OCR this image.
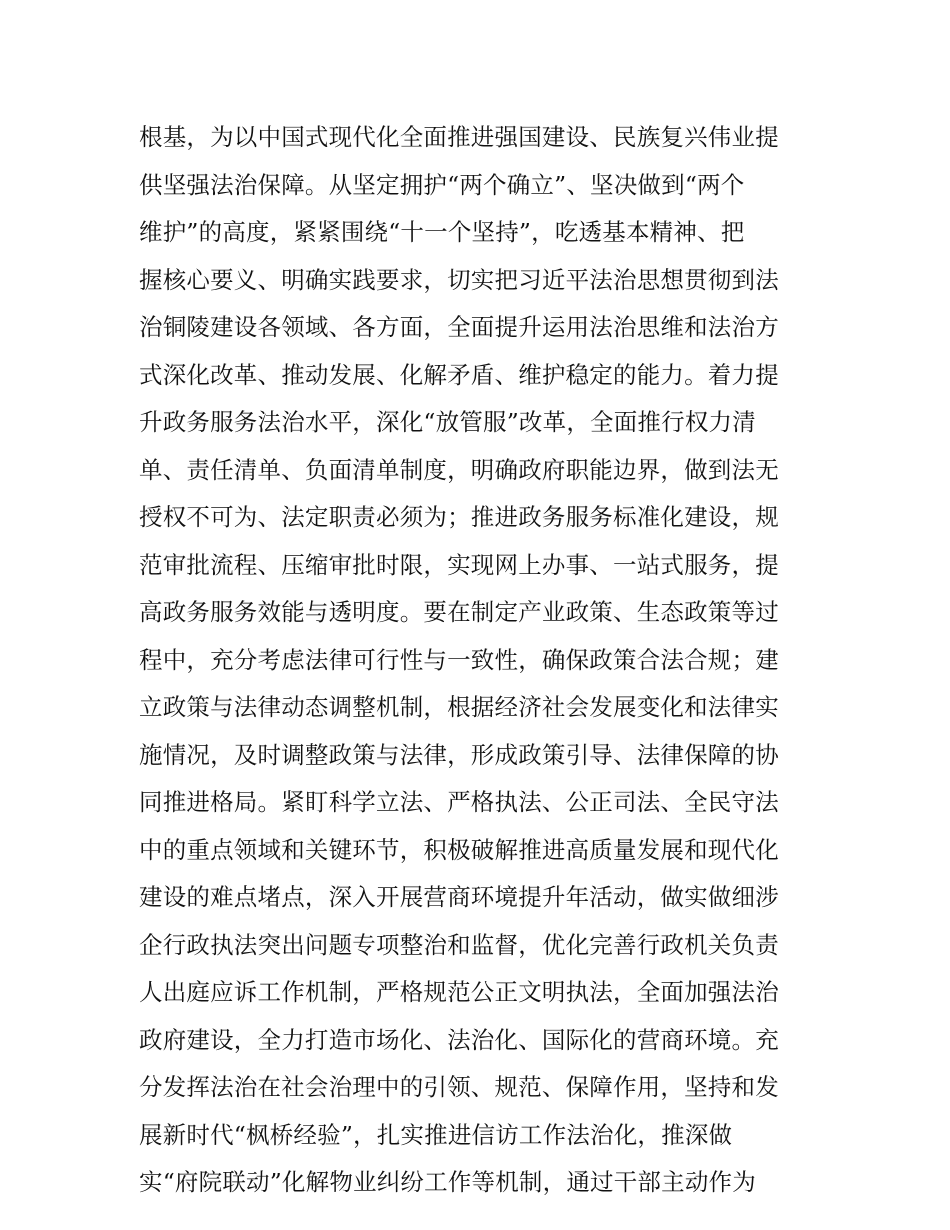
根基，为以中国式现代化全面推进强国建设、民族复兴伟业提
供坚强法治保障。从坚定拥护“两个确立”、坚决做到“两个
维护”的高度，紧紧围绕“十一个坚持”，吃透基本精神、把
握核心要义、明确实践要求，切实把习近平法治思想贯彻到法
治铜陵建设各领域、各方面，全面提升运用法治思维和法治方
式深化改革、推动发展、化解矛盾、维护稳定的能力。着力提
升政务服务法治水平，深化“放管服”改革，全面推行权力清
单、责任清单、负面清单制度，明确政府职能边界，做到法无
授权不可为、法定职责必须为；推进政务服务标准化建设，规
范审批流程、压缩审批时限，实现网上办事、一站式服务，提
高政务服务效能与透明度。要在制定产业政策、生态政策等过
程中，充分考虑法律可行性与一致性，确保政策合法合规；建
立政策与法律动态调整机制，根据经济社会发展变化和法律实
施情况，及时调整政策与法律，形成政策引导、法律保障的协
同推进格局。紧盯科学立法、严格执法、公正司法、全民守法
中的重点领域和关键环节，积极破解推进高质量发展和现代化
建设的难点堵点，深入开展营商环境提升年活动，做实做细涉
企行政执法突出问题专项整治和监督，优化完善行政机关负责
人出庭应诉工作机制，严格规范公正文明执法，全面加强法治
政府建设，全力打造市场化、法治化、国际化的营商环境。充
分发挥法治在社会治理中的引领、规范、保障作用，坚持和发
展新时代“枫桥经验”，扎实推进信访工作法治化，推深做
实“府院联动”化解物业纠纷工作等机制，通过干部主动作为
